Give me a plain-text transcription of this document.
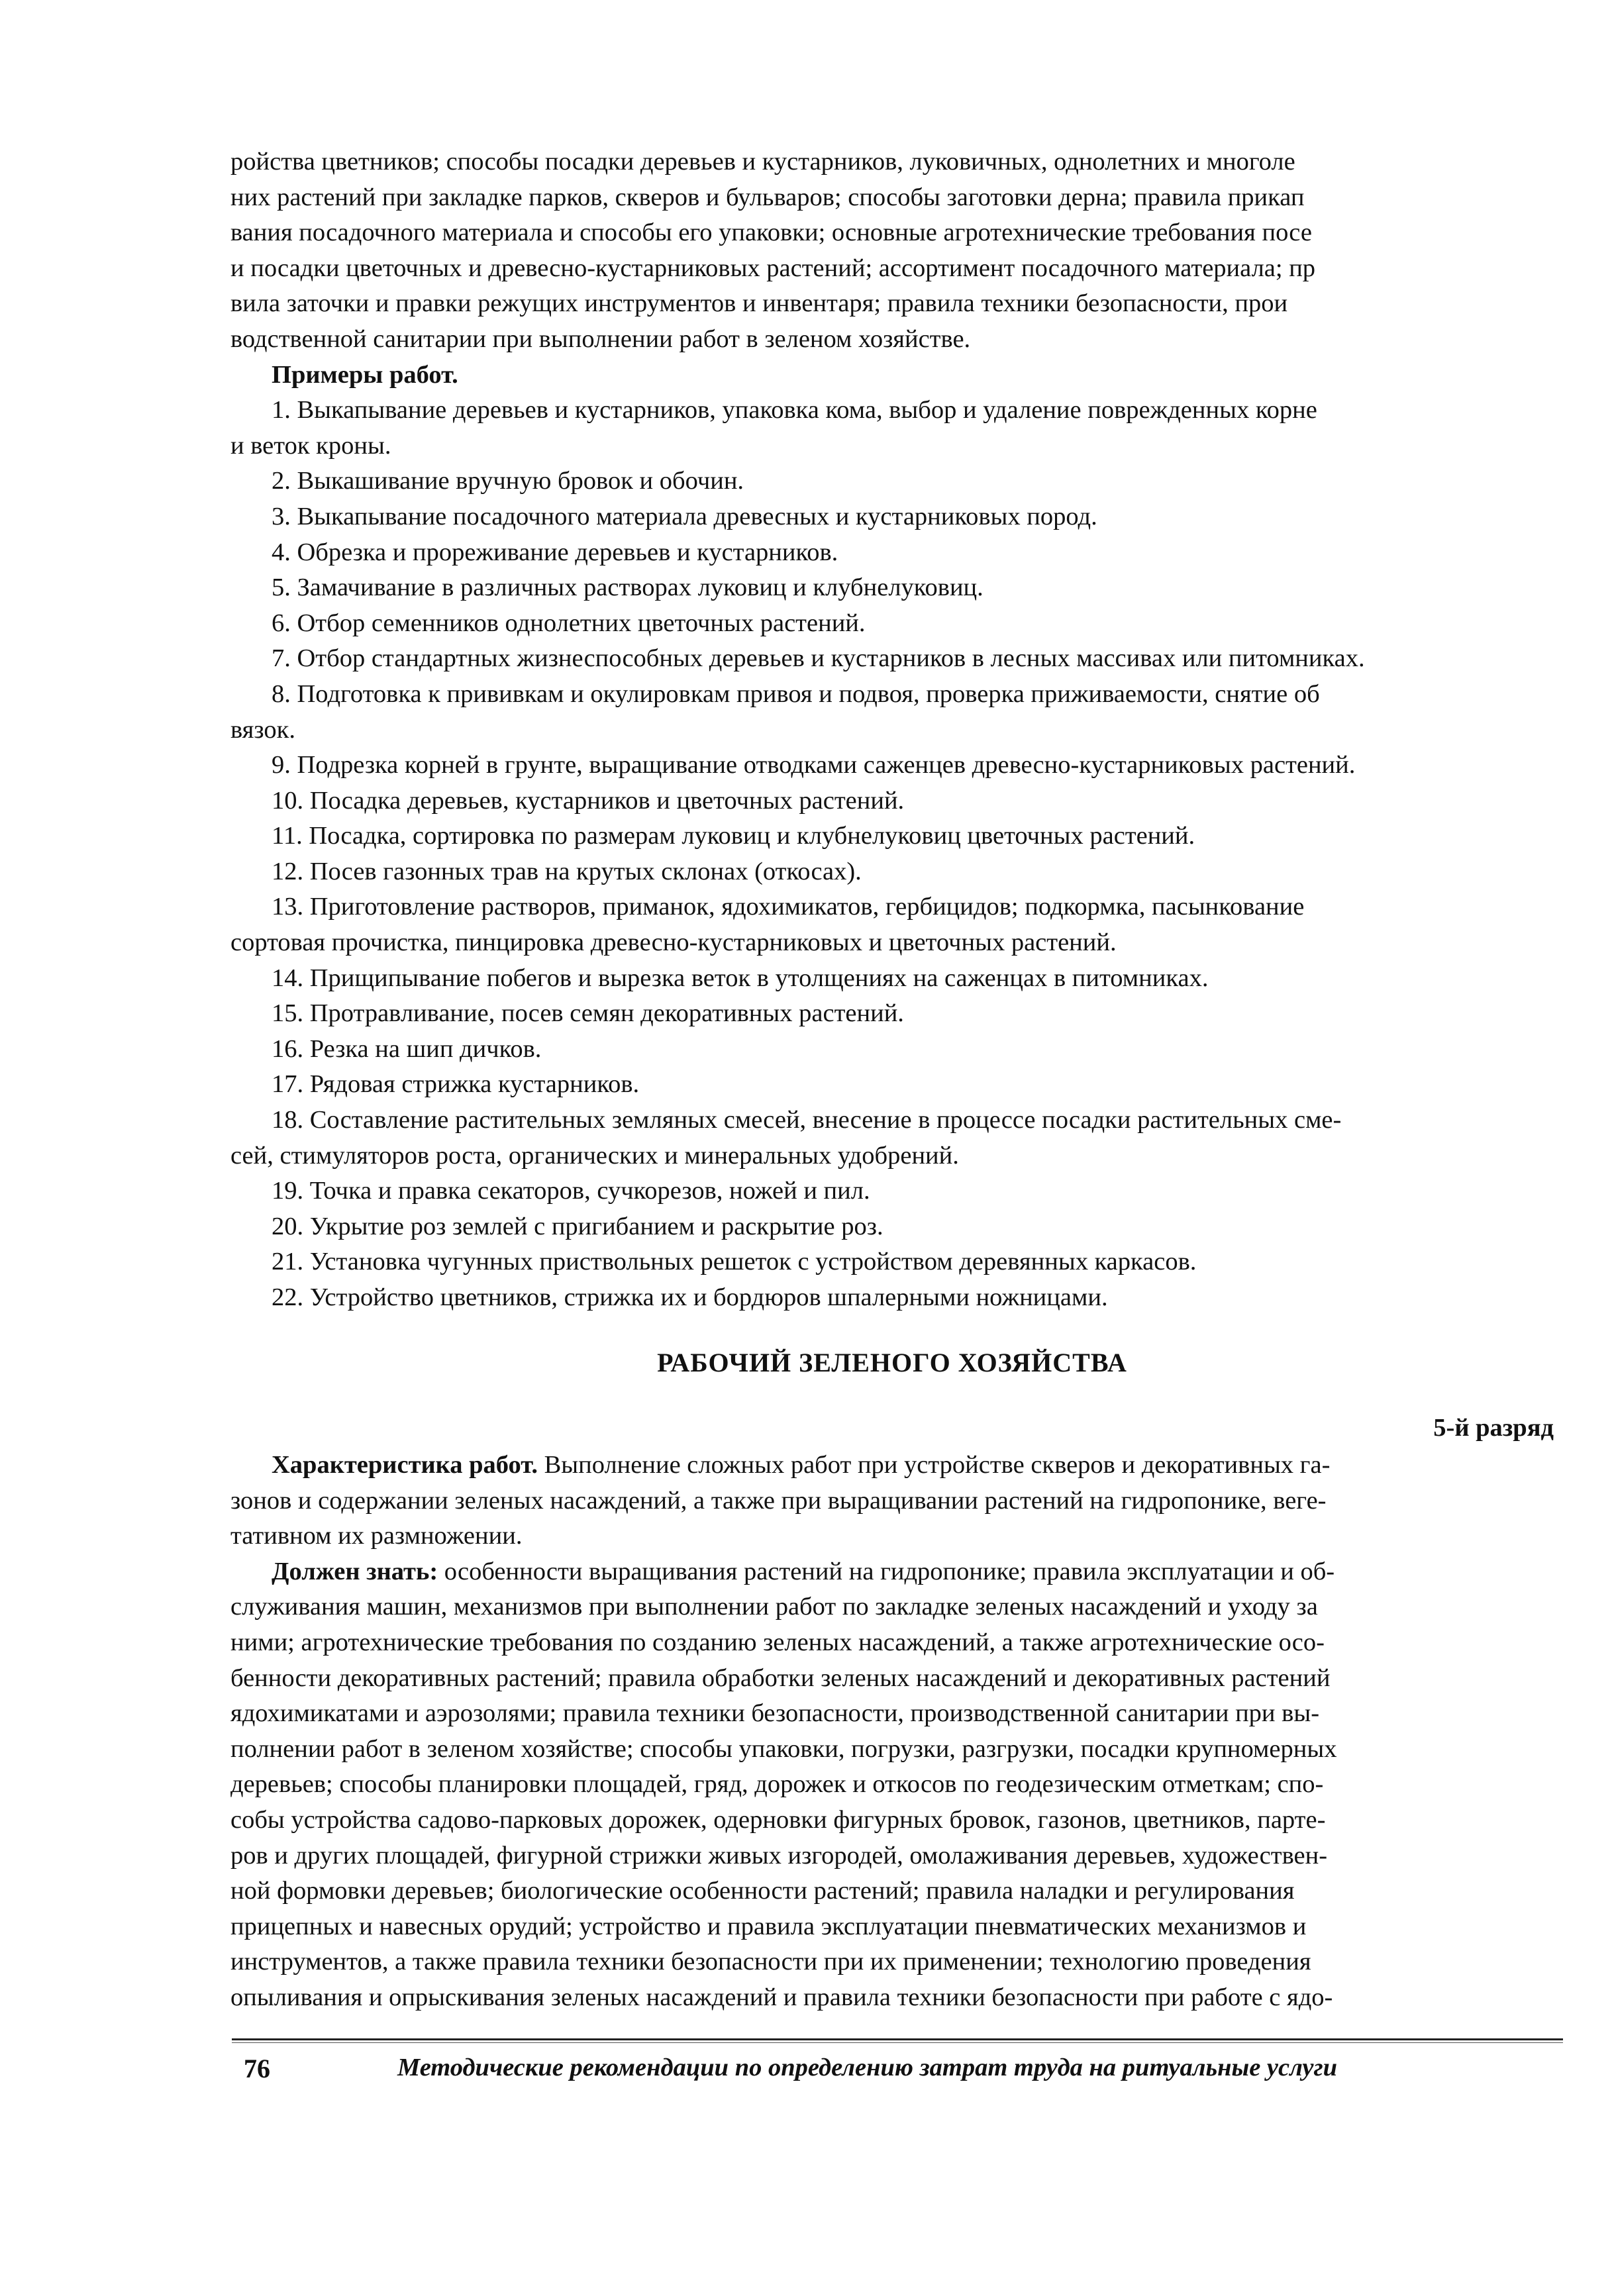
ройства цветников; способы посадки деревьев и кустарников, луковичных, однолетних и многоле

них растений при закладке парков, скверов и бульваров; способы заготовки дерна; правила прикап

вания посадочного материала и способы его упаковки; основные агротехнические требования посе

и посадки цветочных и древесно-кустарниковых растений; ассортимент посадочного материала; пр

вила заточки и правки режущих инструментов и инвентаря; правила техники безопасности, прои

водственной санитарии при выполнении работ в зеленом хозяйстве.

Примеры работ.

1. Выкапывание деревьев и кустарников, упаковка кома, выбор и удаление поврежденных корне

и веток кроны.

2. Выкашивание вручную бровок и обочин.

3. Выкапывание посадочного материала древесных и кустарниковых пород.

4. Обрезка и прореживание деревьев и кустарников.

5. Замачивание в различных растворах луковиц и клубнелуковиц.

6. Отбор семенников однолетних цветочных растений.

7. Отбор стандартных жизнеспособных деревьев и кустарников в лесных массивах или питомниках.

8. Подготовка к прививкам и окулировкам привоя и подвоя, проверка приживаемости, снятие об

вязок.

9. Подрезка корней в грунте, выращивание отводками саженцев древесно-кустарниковых растений.

10. Посадка деревьев, кустарников и цветочных растений.

11. Посадка, сортировка по размерам луковиц и клубнелуковиц цветочных растений.

12. Посев газонных трав на крутых склонах (откосах).

13. Приготовление растворов, приманок, ядохимикатов, гербицидов; подкормка, пасынкование

сортовая прочистка, пинцировка древесно-кустарниковых и цветочных растений.

14. Прищипывание побегов и вырезка веток в утолщениях на саженцах в питомниках.

15. Протравливание, посев семян декоративных растений.

16. Резка на шип дичков.

17. Рядовая стрижка кустарников.

18. Составление растительных земляных смесей, внесение в процессе посадки растительных сме-

сей, стимуляторов роста, органических и минеральных удобрений.

19. Точка и правка секаторов, сучкорезов, ножей и пил.

20. Укрытие роз землей с пригибанием и раскрытие роз.

21. Установка чугунных приствольных решеток с устройством деревянных каркасов.

22. Устройство цветников, стрижка их и бордюров шпалерными ножницами.

РАБОЧИЙ ЗЕЛЕНОГО ХОЗЯЙСТВА
5-й разряд

Характеристика работ. Выполнение сложных работ при устройстве скверов и декоративных га-

зонов и содержании зеленых насаждений, а также при выращивании растений на гидропонике, веге-

тативном их размножении.

Должен знать: особенности выращивания растений на гидропонике; правила эксплуатации и об-

служивания машин, механизмов при выполнении работ по закладке зеленых насаждений и уходу за

ними; агротехнические требования по созданию зеленых насаждений, а также агротехнические осо-

бенности декоративных растений; правила обработки зеленых насаждений и декоративных растений

ядохимикатами и аэрозолями; правила техники безопасности, производственной санитарии при вы-

полнении работ в зеленом хозяйстве; способы упаковки, погрузки, разгрузки, посадки крупномерных

деревьев; способы планировки площадей, гряд, дорожек и откосов по геодезическим отметкам; спо-

собы устройства садово-парковых дорожек, одерновки фигурных бровок, газонов, цветников, парте-

ров и других площадей, фигурной стрижки живых изгородей, омолаживания деревьев, художествен-

ной формовки деревьев; биологические особенности растений; правила наладки и регулирования

прицепных и навесных орудий; устройство и правила эксплуатации пневматических механизмов и

инструментов, а также правила техники безопасности при их применении; технологию проведения

опыливания и опрыскивания зеленых насаждений и правила техники безопасности при работе с ядо-

76	Методические рекомендации по определению затрат труда на ритуальные услуги
